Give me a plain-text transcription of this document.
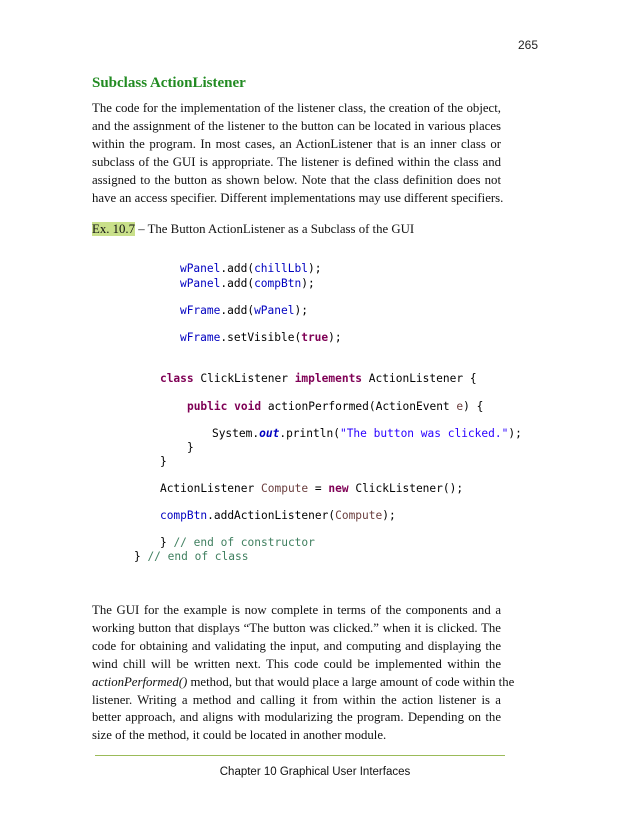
265
Subclass ActionListener
The code for the implementation of the listener class, the creation of the object,
and the assignment of the listener to the button can be located in various places
within the program. In most cases, an ActionListener that is an inner class or
subclass of the GUI is appropriate. The listener is defined within the class and
assigned to the button as shown below. Note that the class definition does not
have an access specifier. Different implementations may use different specifiers.
Ex. 10.7 – The Button ActionListener as a Subclass of the GUI

wPanel.add(chillLbl);

wPanel.add(compBtn);

wFrame.add(wPanel);

wFrame.setVisible(true);

class ClickListener implements ActionListener {

public void actionPerformed(ActionEvent e) {

System.out.println("The button was clicked.");

}

}

ActionListener Compute = new ClickListener();

compBtn.addActionListener(Compute);

} // end of constructor

} // end of class

The GUI for the example is now complete in terms of the components and a
working button that displays “The button was clicked.” when it is clicked. The
code for obtaining and validating the input, and computing and displaying the
wind chill will be written next. This code could be implemented within the
actionPerformed() method, but that would place a large amount of code within the
listener. Writing a method and calling it from within the action listener is a
better approach, and aligns with modularizing the program. Depending on the
size of the method, it could be located in another module.
Chapter 10 Graphical User Interfaces
